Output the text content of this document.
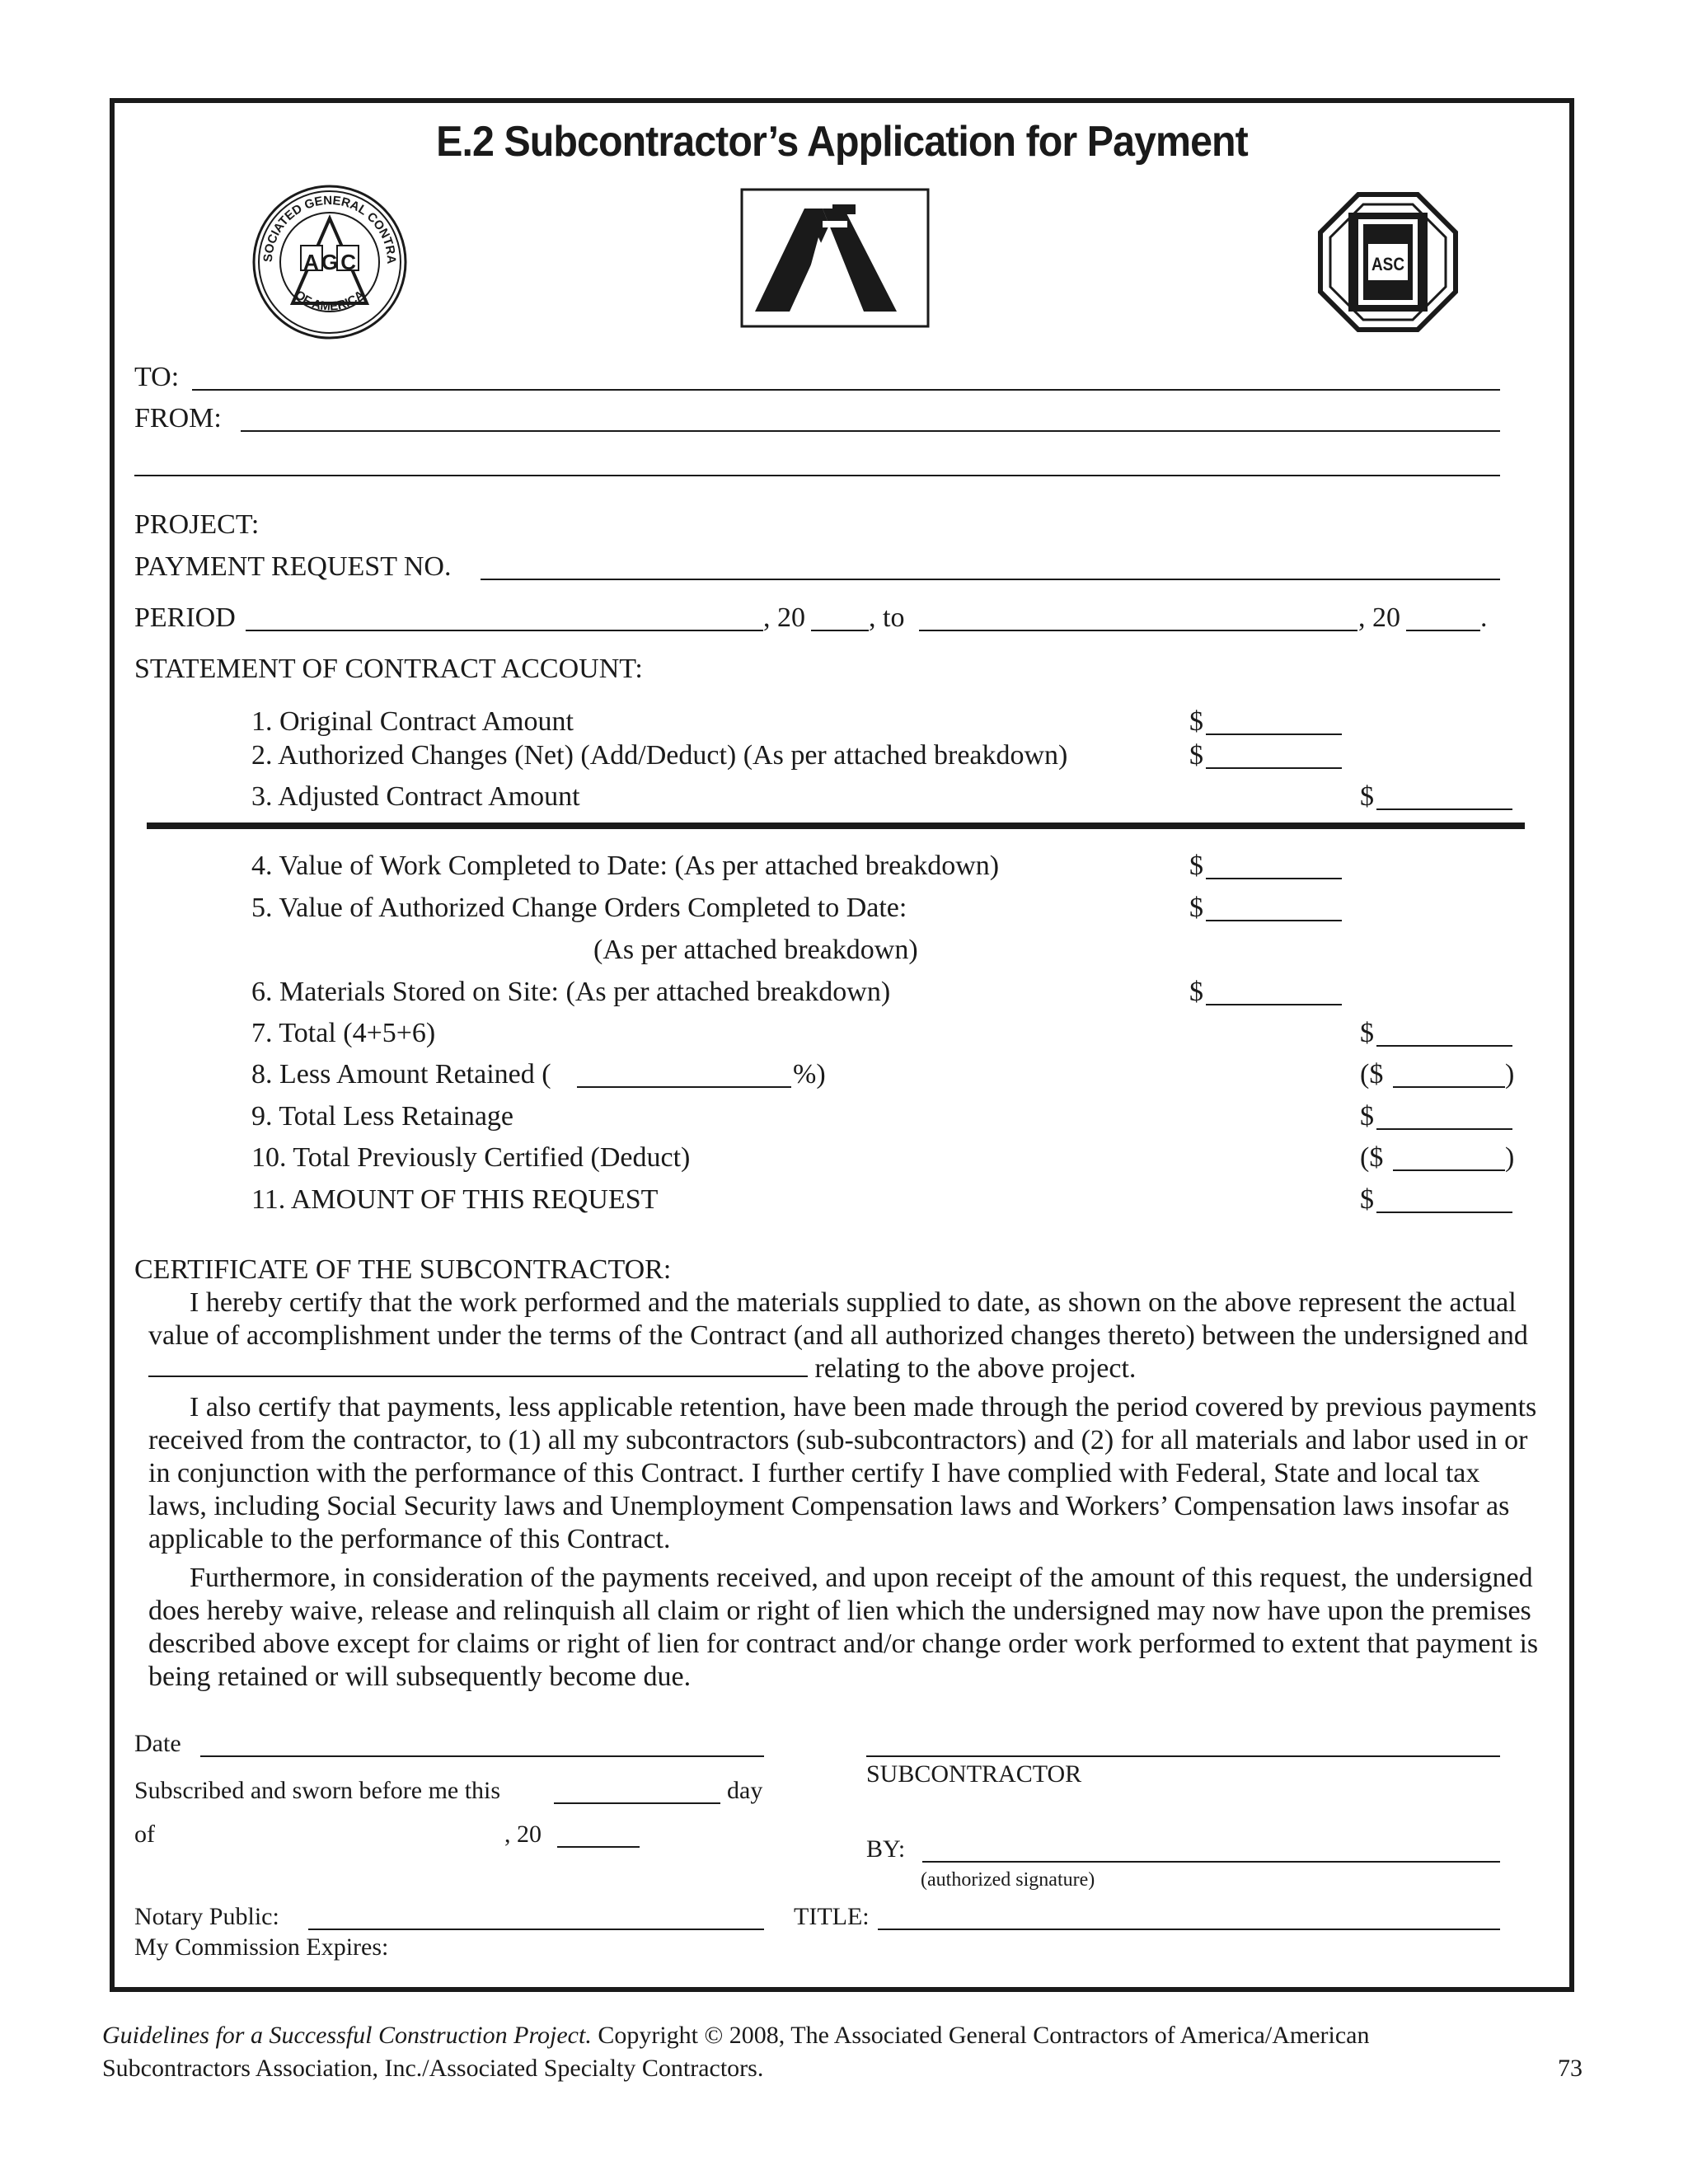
E.2 Subcontractor’s Application for Payment
SOCIATED GENERAL CONTRA
OF AMERICA
AGC	ASC
TO:
FROM:
PROJECT:
PAYMENT REQUEST NO.
PERIOD	, 20 , to	, 20	.
STATEMENT OF CONTRACT ACCOUNT:
1. Original Contract Amount	$
2. Authorized Changes (Net) (Add/Deduct) (As per attached breakdown)	$
3. Adjusted Contract Amount	$
4. Value of Work Completed to Date: (As per attached breakdown)	$
5. Value of Authorized Change Orders Completed to Date:	$
(As per attached breakdown)
6. Materials Stored on Site: (As per attached breakdown)	$
7. Total (4+5+6)	$
8. Less Amount Retained (	%)	($	)
9. Total Less Retainage	$
10. Total Previously Certified (Deduct)	($	)
11. AMOUNT OF THIS REQUEST	$
CERTIFICATE OF THE SUBCONTRACTOR:
I hereby certify that the work performed and the materials supplied to date, as shown on the above represent the actual value of accomplishment under the terms of the Contract (and all authorized changes thereto) between the undersigned and  relating to the above project.
I also certify that payments, less applicable retention, have been made through the period covered by previous payments received from the contractor, to (1) all my subcontractors (sub-subcontractors) and (2) for all materials and labor used in or in conjunction with the performance of this Contract. I further certify I have complied with Federal, State and local tax laws, including Social Security laws and Unemployment Compensation laws and Workers’ Compensation laws insofar as applicable to the performance of this Contract.
Furthermore, in consideration of the payments received, and upon receipt of the amount of this request, the undersigned does hereby waive, release and relinquish all claim or right of lien which the undersigned may now have upon the premises described above except for claims or right of lien for contract and/or change order work performed to extent that payment is being retained or will subsequently become due.
Date
SUBCONTRACTOR
Subscribed and sworn before me this	day
of	, 20
BY:
(authorized signature)
Notary Public:	TITLE:
My Commission Expires:
Guidelines for a Successful Construction Project. Copyright © 2008, The Associated General Contractors of America/American
Subcontractors Association, Inc./Associated Specialty Contractors.	73
